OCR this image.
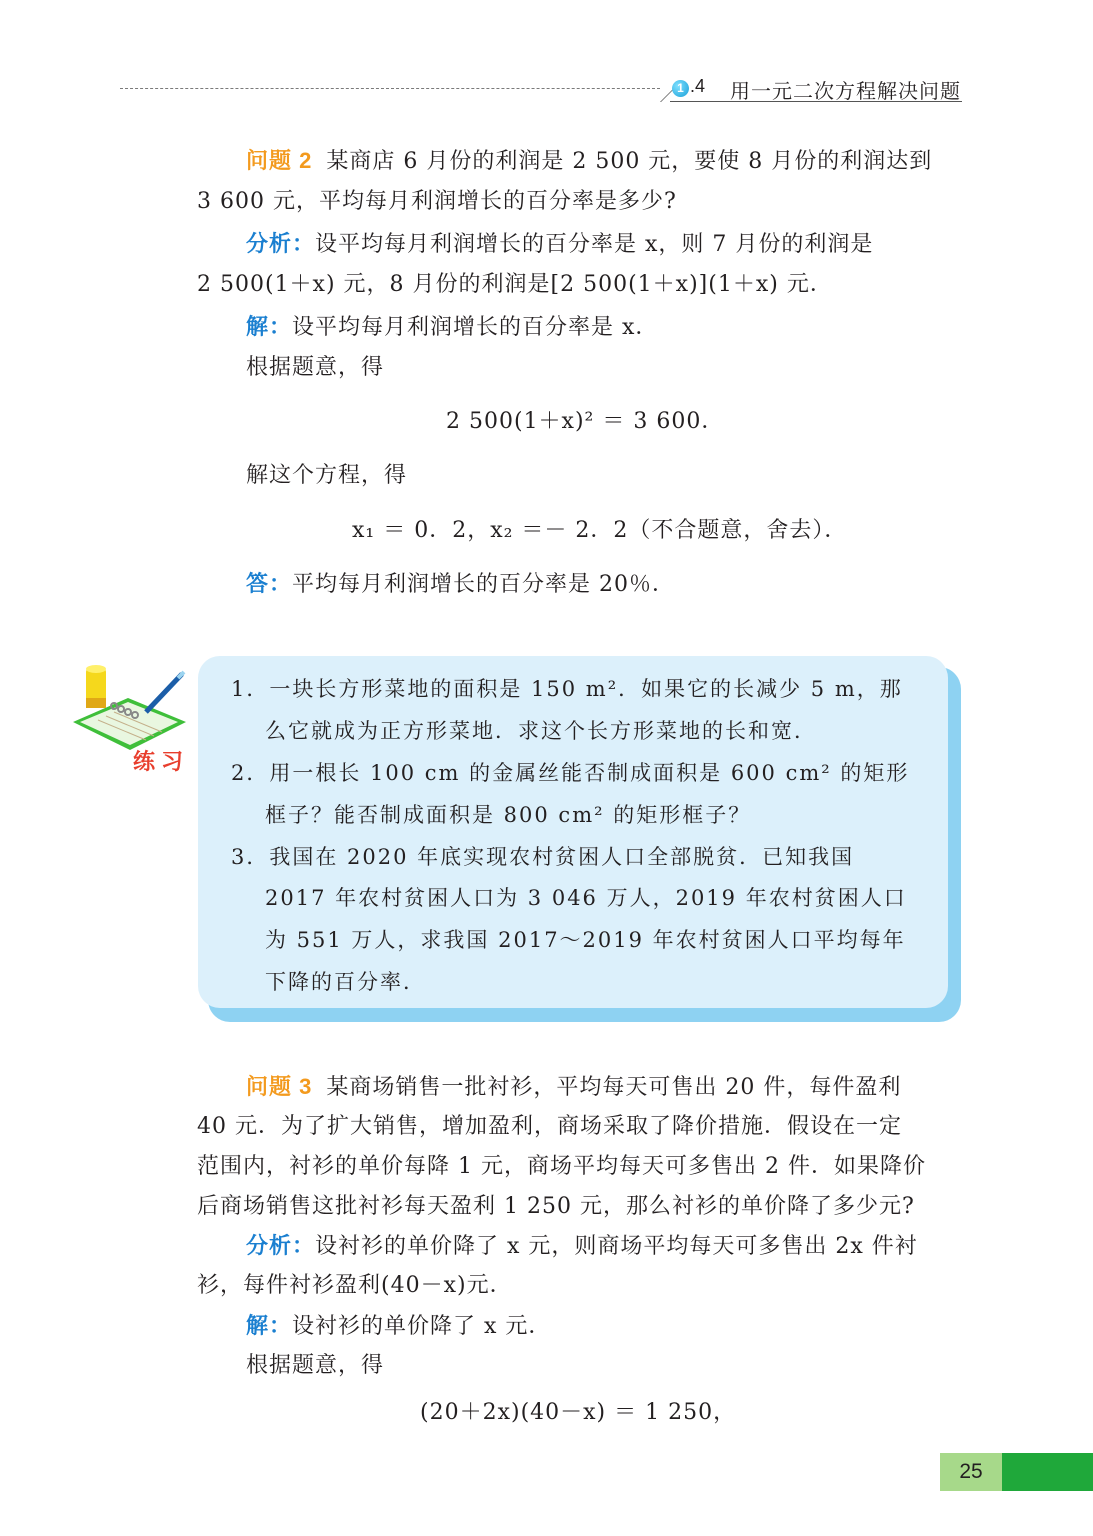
1 .4 用一元二次方程解决问题
问题 2 某商店 6 月份的利润是 2 500 元，要使 8 月份的利润达到
3 600 元，平均每月利润增长的百分率是多少?
分析：设平均每月利润增长的百分率是 x，则 7 月份的利润是
2 500(1＋x) 元，8 月份的利润是[2 500(1＋x)](1＋x) 元．
解：设平均每月利润增长的百分率是 x．
根据题意，得
2 500(1＋x)² ＝ 3 600．
解这个方程，得
x₁ ＝ 0．2，x₂ ＝－ 2．2（不合题意，舍去）．
答：平均每月利润增长的百分率是 20％．
练习
1．一块长方形菜地的面积是 150 m²．如果它的长减少 5 m，那
么它就成为正方形菜地．求这个长方形菜地的长和宽．
2．用一根长 100 cm 的金属丝能否制成面积是 600 cm² 的矩形
框子？能否制成面积是 800 cm² 的矩形框子？
3．我国在 2020 年底实现农村贫困人口全部脱贫．已知我国
2017 年农村贫困人口为 3 046 万人，2019 年农村贫困人口
为 551 万人，求我国 2017～2019 年农村贫困人口平均每年
下降的百分率．
问题 3 某商场销售一批衬衫，平均每天可售出 20 件，每件盈利
40 元．为了扩大销售，增加盈利，商场采取了降价措施．假设在一定
范围内，衬衫的单价每降 1 元，商场平均每天可多售出 2 件．如果降价
后商场销售这批衬衫每天盈利 1 250 元，那么衬衫的单价降了多少元?
分析：设衬衫的单价降了 x 元，则商场平均每天可多售出 2x 件衬
衫，每件衬衫盈利(40－x)元．
解：设衬衫的单价降了 x 元．
根据题意，得
(20＋2x)(40－x) ＝ 1 250，
25
